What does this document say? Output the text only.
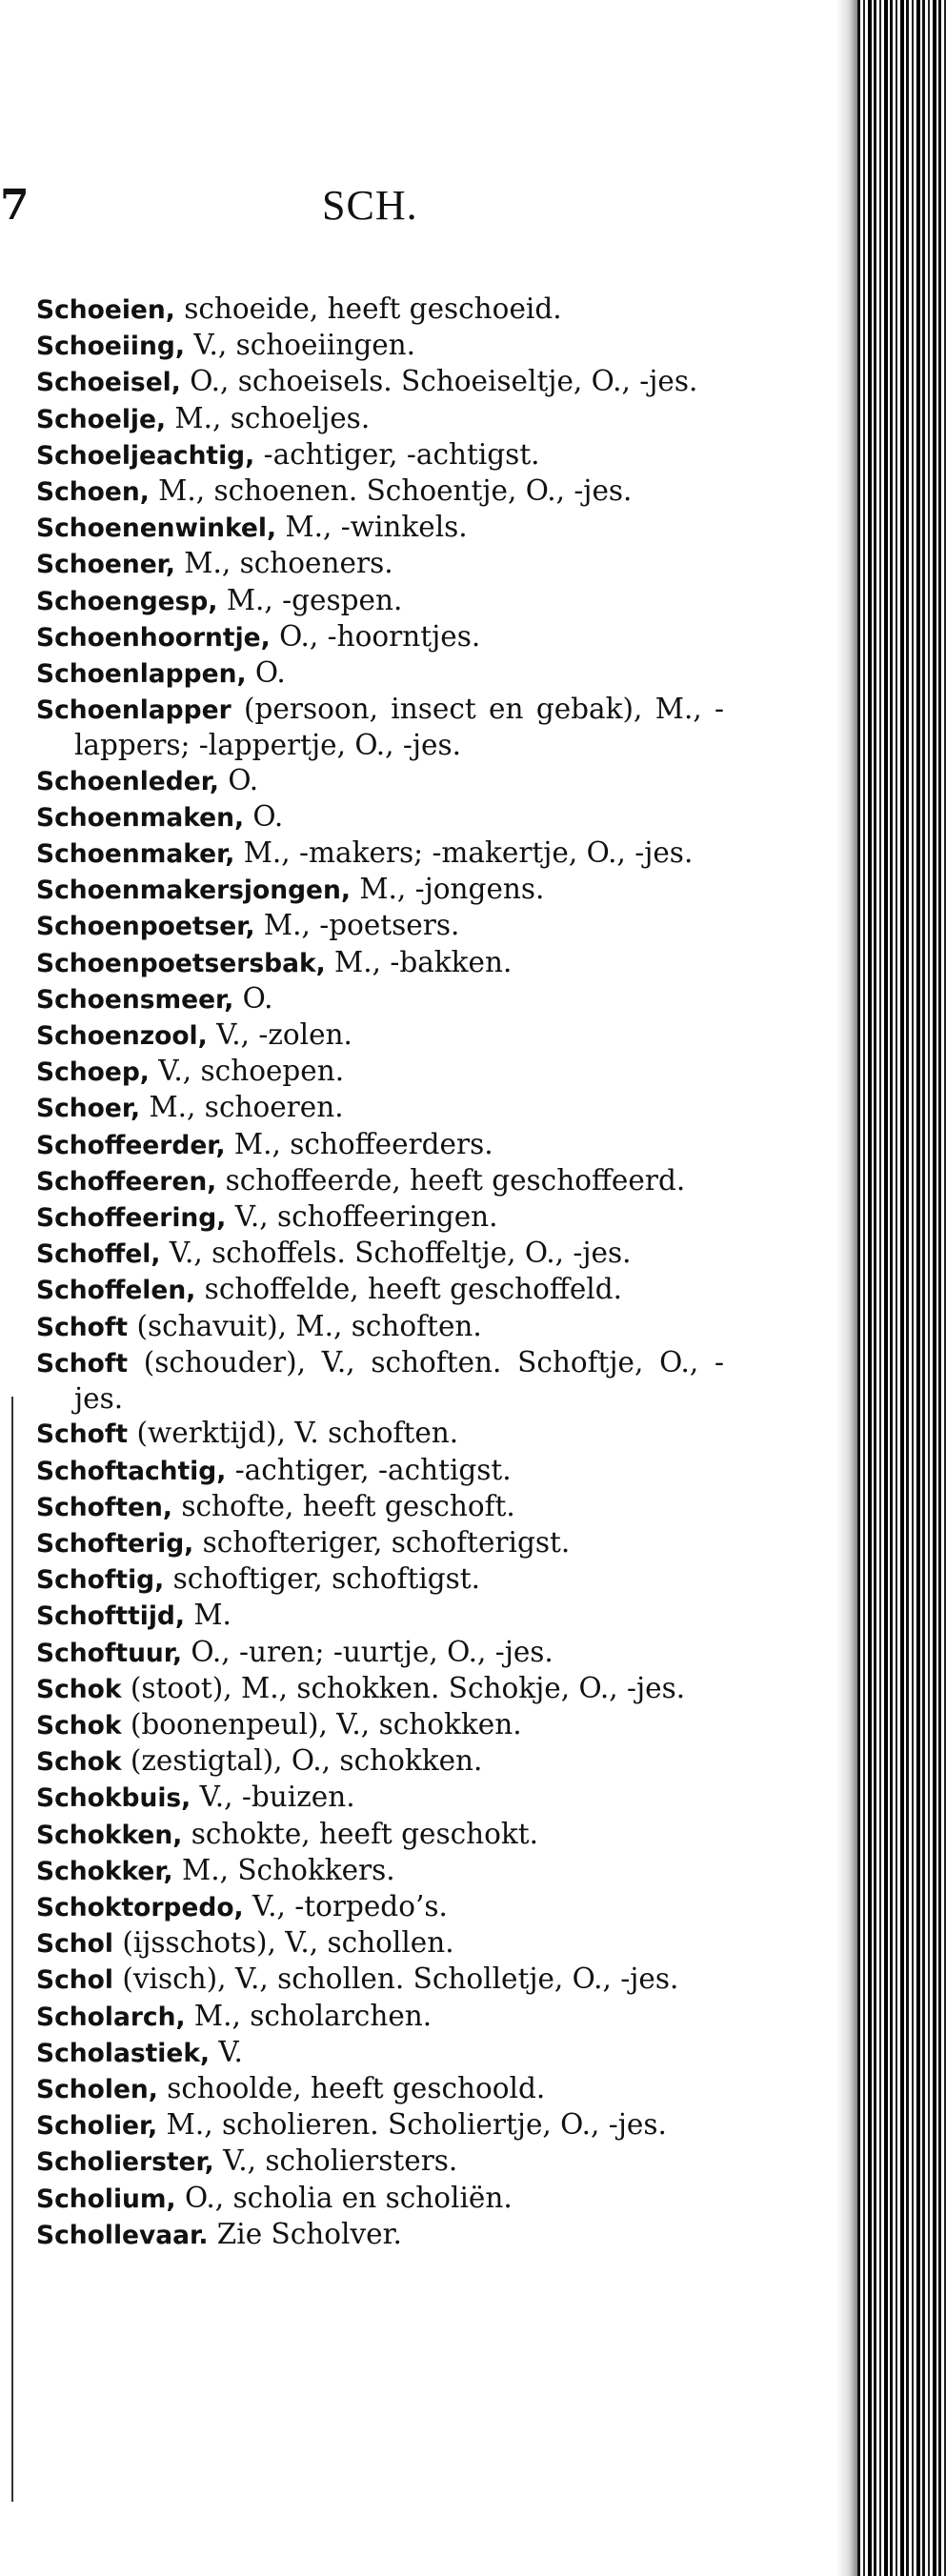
7	SCH.
Schoeien, schoeide, heeft geschoeid.
Schoeiing, V., schoeiingen.
Schoeisel, O., schoeisels. Schoeiseltje, O., -jes.
Schoelje, M., schoeljes.
Schoeljeachtig, -achtiger, -achtigst.
Schoen, M., schoenen. Schoentje, O., -jes.
Schoenenwinkel, M., -winkels.
Schoener, M., schoeners.
Schoengesp, M., -gespen.
Schoenhoorntje, O., -hoorntjes.
Schoenlappen, O.
Schoenlapper (persoon, insect en gebak), M., -lappers; -lappertje, O., -jes.
Schoenleder, O.
Schoenmaken, O.
Schoenmaker, M., -makers; -makertje, O., -jes.
Schoenmakersjongen, M., -jongens.
Schoenpoetser, M., -poetsers.
Schoenpoetsersbak, M., -bakken.
Schoensmeer, O.
Schoenzool, V., -zolen.
Schoep, V., schoepen.
Schoer, M., schoeren.
Schoffeerder, M., schoffeerders.
Schoffeeren, schoffeerde, heeft geschoffeerd.
Schoffeering, V., schoffeeringen.
Schoffel, V., schoffels. Schoffeltje, O., -jes.
Schoffelen, schoffelde, heeft geschoffeld.
Schoft (schavuit), M., schoften.
Schoft (schouder), V., schoften. Schoftje, O., -jes.
Schoft (werktijd), V. schoften.
Schoftachtig, -achtiger, -achtigst.
Schoften, schofte, heeft geschoft.
Schofterig, schofteriger, schofterigst.
Schoftig, schoftiger, schoftigst.
Schofttijd, M.
Schoftuur, O., -uren; -uurtje, O., -jes.
Schok (stoot), M., schokken. Schokje, O., -jes.
Schok (boonenpeul), V., schokken.
Schok (zestigtal), O., schokken.
Schokbuis, V., -buizen.
Schokken, schokte, heeft geschokt.
Schokker, M., Schokkers.
Schoktorpedo, V., -torpedo’s.
Schol (ijsschots), V., schollen.
Schol (visch), V., schollen. Scholletje, O., -jes.
Scholarch, M., scholarchen.
Scholastiek, V.
Scholen, schoolde, heeft geschoold.
Scholier, M., scholieren. Scholiertje, O., -jes.
Scholierster, V., scholiersters.
Scholium, O., scholia en scholiën.
Schollevaar. Zie Scholver.
